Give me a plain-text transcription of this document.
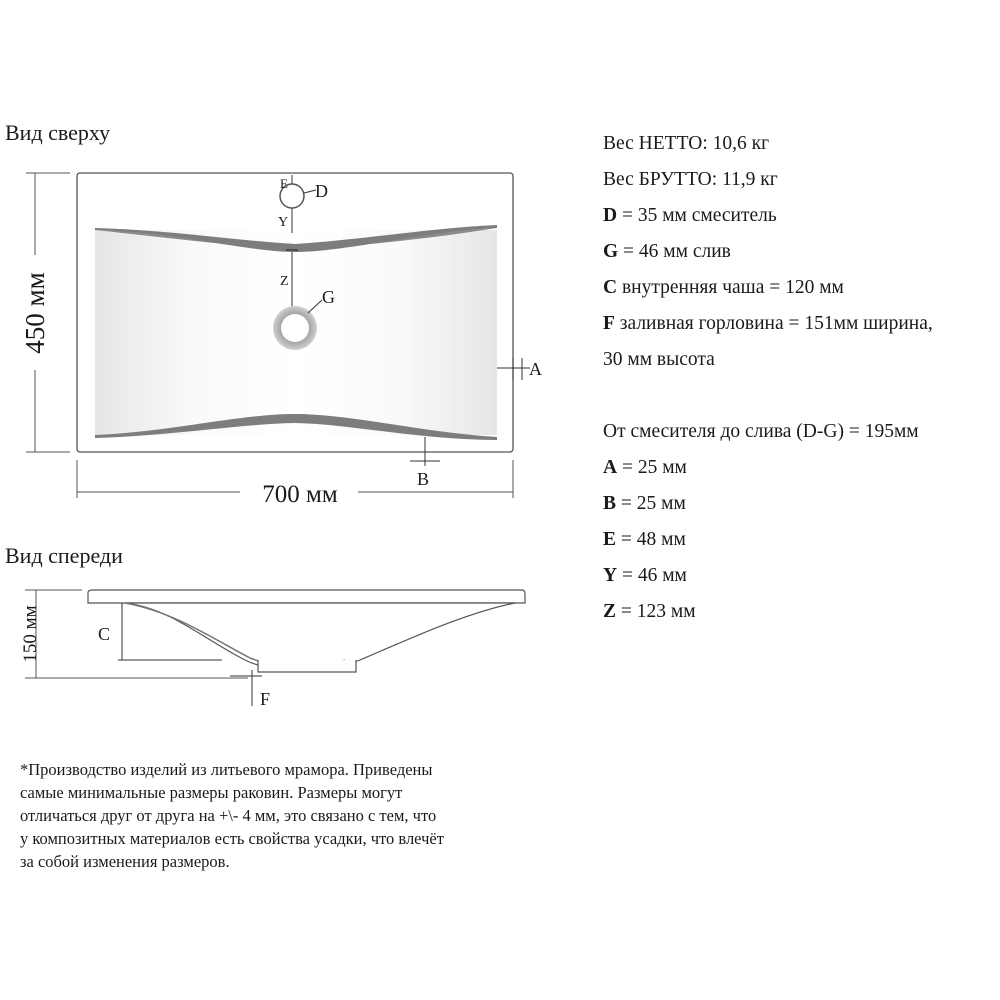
Вид сверху
Вид спереди
450 мм
700 мм
E D
Y
Z
G
A
B
C
F
150 мм
Вес НЕТТО: 10,6 кг
Вес БРУТТО: 11,9 кг
D = 35 мм смеситель
G = 46 мм слив
C внутренняя чаша = 120 мм
F заливная горловина = 151мм ширина,
30 мм высота
От смесителя до слива (D-G) = 195мм
A = 25 мм
B = 25 мм
E = 48 мм
Y = 46 мм
Z = 123 мм

*Производство изделий из литьевого мрамора. Приведены
самые минимальные размеры раковин. Размеры могут
отличаться друг от друга на +\- 4 мм, это связано с тем, что
у композитных материалов есть свойства усадки, что влечёт
за собой изменения размеров.
